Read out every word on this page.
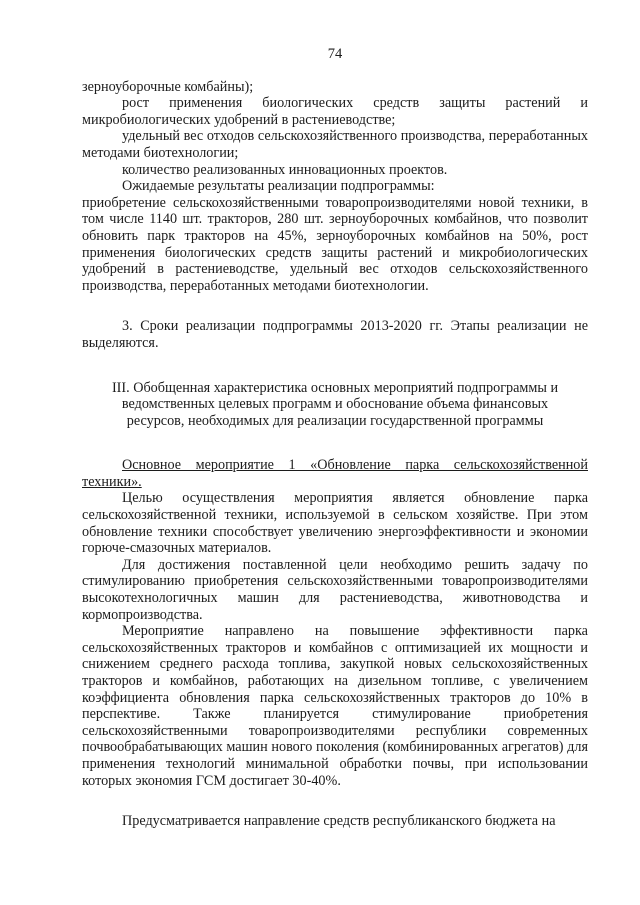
74

зерноуборочные комбайны);

рост применения биологических средств защиты растений и микробиологических удобрений в растениеводстве;

удельный вес отходов сельскохозяйственного производства, переработанных методами биотехнологии;

количество реализованных инновационных проектов.

Ожидаемые результаты реализации подпрограммы:

приобретение сельскохозяйственными товаропроизводителями новой техники, в том числе 1140 шт. тракторов, 280 шт. зерноуборочных комбайнов, что позволит обновить парк тракторов на 45%, зерноуборочных комбайнов на 50%, рост применения биологических средств защиты растений и микробиологических удобрений в растениеводстве, удельный вес отходов сельскохозяйственного производства, переработанных методами биотехнологии.

3. Сроки реализации подпрограммы 2013-2020 гг. Этапы реализации не выделяются.

III. Обобщенная характеристика основных мероприятий подпрограммы и ведомственных целевых программ и обоснование объема финансовых ресурсов, необходимых для реализации государственной программы

Основное мероприятие 1 «Обновление парка сельскохозяйственной техники».

Целью осуществления мероприятия является обновление парка сельскохозяйственной техники, используемой в сельском хозяйстве. При этом обновление техники способствует увеличению энергоэффективности и экономии горюче-смазочных материалов.

Для достижения поставленной цели необходимо решить задачу по стимулированию приобретения сельскохозяйственными товаропроизводителями высокотехнологичных машин для растениеводства, животноводства и кормопроизводства.

Мероприятие направлено на повышение эффективности парка сельскохозяйственных тракторов и комбайнов с оптимизацией их мощности и снижением среднего расхода топлива, закупкой новых сельскохозяйственных тракторов и комбайнов, работающих на дизельном топливе, с увеличением коэффициента обновления парка сельскохозяйственных тракторов до 10% в перспективе. Также планируется стимулирование приобретения сельскохозяйственными товаропроизводителями республики современных почвообрабатывающих машин нового поколения (комбинированных агрегатов) для применения технологий минимальной обработки почвы, при использовании которых экономия ГСМ достигает 30-40%.

Предусматривается направление средств республиканского бюджета на
